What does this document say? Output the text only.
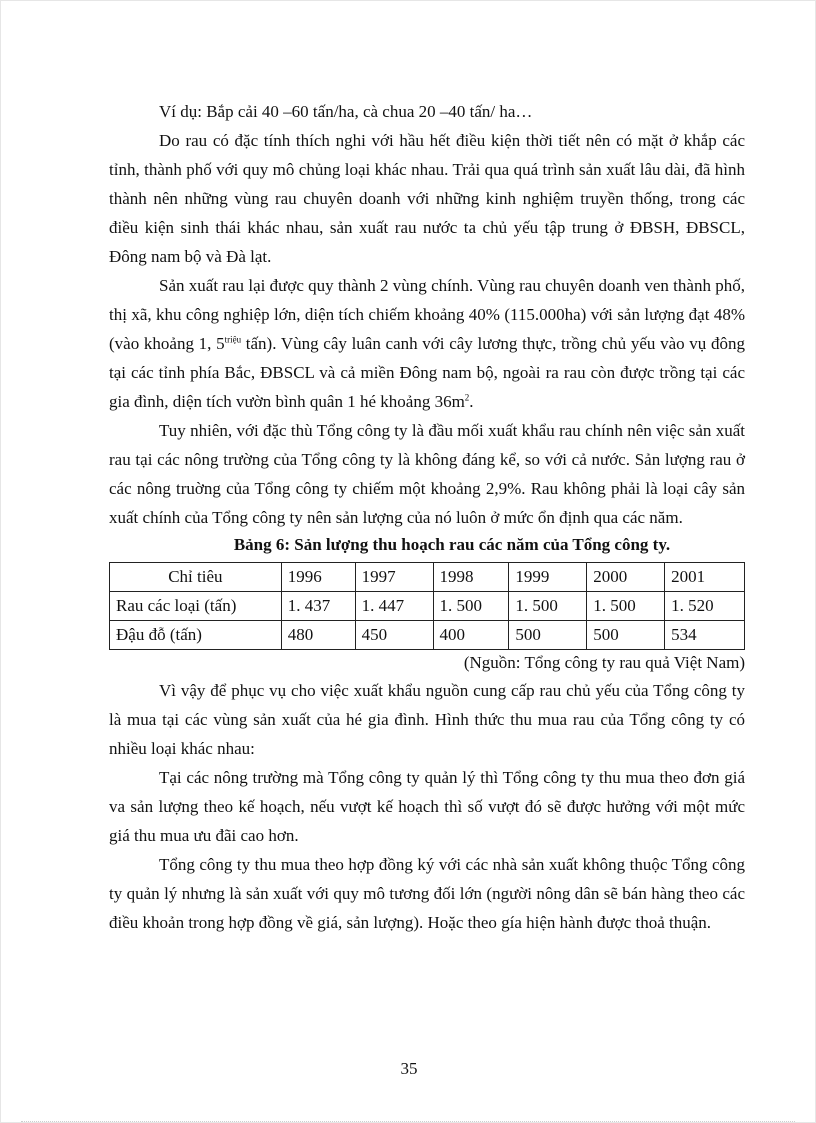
Ví dụ: Bắp cải 40 –60 tấn/ha, cà chua 20 –40 tấn/ ha…

Do rau có đặc tính thích nghi với hầu hết điều kiện thời tiết nên có mặt ở khắp các tỉnh, thành phố với quy mô chủng loại khác nhau. Trải qua quá trình sản xuất lâu dài, đã hình thành nên những vùng rau chuyên doanh với những kinh nghiệm truyền thống, trong các điều kiện sinh thái khác nhau, sản xuất rau nước ta chủ yếu tập trung ở ĐBSH, ĐBSCL, Đông nam bộ và Đà lạt.

Sản xuất rau lại được quy thành 2 vùng chính. Vùng rau chuyên doanh ven thành phố, thị xã, khu công nghiệp lớn, diện tích chiếm khoảng 40% (115.000ha) với sản lượng đạt 48% (vào khoảng 1, $5^{triệu}$ tấn). Vùng cây luân canh với cây lương thực, trồng chủ yếu vào vụ đông tại các tỉnh phía Bắc, ĐBSCL và cả miền Đông nam bộ, ngoài ra rau còn được trồng tại các gia đình, diện tích vườn bình quân 1 hé khoảng $36m^2$.

Tuy nhiên, với đặc thù Tổng công ty là đầu mối xuất khẩu rau chính nên việc sản xuất rau tại các nông trường của Tổng công ty là không đáng kể, so với cả nước. Sản lượng rau ở các nông truờng của Tổng công ty chiếm một khoảng 2,9%. Rau không phải là loại cây sản xuất chính của Tổng công ty nên sản lượng của nó luôn ở mức ổn định qua các năm.

Bảng 6: Sản lượng thu hoạch rau các năm của Tổng công ty.

Chỉ tiêu	1996	1997	1998	1999	2000	2001
Rau các loại (tấn)	1. 437	1. 447	1. 500	1. 500	1. 500	1. 520
Đậu đỗ (tấn)	480	450	400	500	500	534

(Nguồn: Tổng công ty rau quả Việt Nam)

Vì vậy để phục vụ cho việc xuất khẩu nguồn cung cấp rau chủ yếu của Tổng công ty là mua tại các vùng sản xuất của hé gia đình. Hình thức thu mua rau của Tổng công ty có nhiều loại khác nhau:

Tại các nông trường mà Tổng công ty quản lý thì Tổng công ty thu mua theo đơn giá va sản lượng theo kế hoạch, nếu vượt kế hoạch thì số vượt đó sẽ được hưởng với một mức giá thu mua ưu đãi cao hơn.

Tổng công ty thu mua theo hợp đồng ký với các nhà sản xuất không thuộc Tổng công ty quản lý nhưng là sản xuất với quy mô tương đối lớn (người nông dân sẽ bán hàng theo các điều khoản trong hợp đồng về giá, sản lượng). Hoặc theo gía hiện hành được thoả thuận.

35
